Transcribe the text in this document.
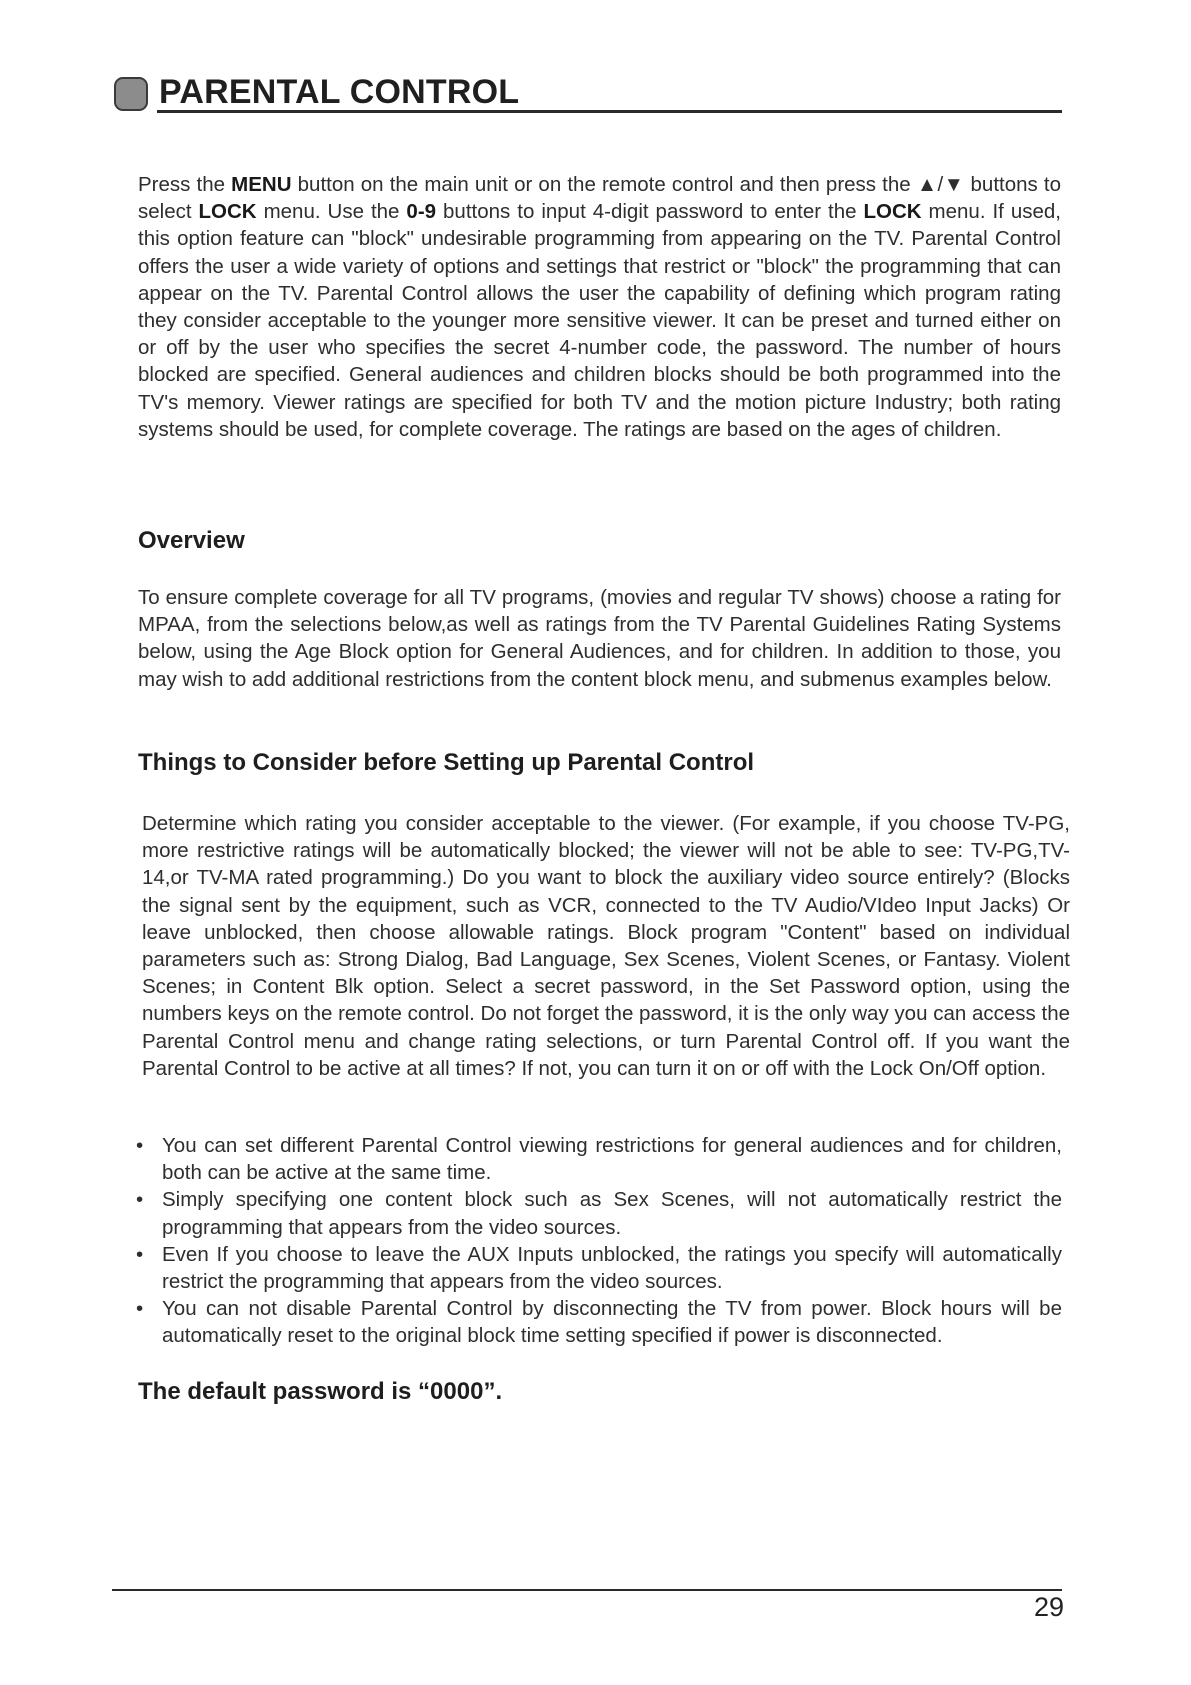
PARENTAL CONTROL

Press the MENU button on the main unit or on the remote control and then press the ▲/▼ buttons to select LOCK menu. Use the 0-9 buttons to input 4-digit password to enter the LOCK menu. If used, this option feature can "block" undesirable programming from appearing on the TV. Parental Control offers the user a wide variety of options and settings that restrict or "block" the programming that can appear on the TV. Parental Control allows the user the capability of defining which program rating they consider acceptable to the younger more sensitive viewer. It can be preset and turned either on or off by the user who specifies the secret 4-number code, the password. The number of hours blocked are specified. General audiences and children blocks should be both programmed into the TV's memory. Viewer ratings are specified for both TV and the motion picture Industry; both rating systems should be used, for complete coverage. The ratings are based on the ages of children.

Overview

To ensure complete coverage for all TV programs, (movies and regular TV shows) choose a rating for MPAA, from the selections below,as well as ratings from the TV Parental Guidelines Rating Systems below, using the Age Block option for General Audiences, and for children. In addition to those, you may wish to add additional restrictions from the content block menu, and submenus examples below.

Things to Consider before Setting up Parental Control

Determine which rating you consider acceptable to the viewer. (For example, if you choose TV-PG, more restrictive ratings will be automatically blocked; the viewer will not be able to see: TV-PG,TV-14,or TV-MA rated programming.) Do you want to block the auxiliary video source entirely? (Blocks the signal sent by the equipment, such as VCR, connected to the TV Audio/VIdeo Input Jacks) Or leave unblocked, then choose allowable ratings. Block program "Content" based on individual parameters such as: Strong Dialog, Bad Language, Sex Scenes, Violent Scenes, or Fantasy. Violent Scenes; in Content Blk option. Select a secret password, in the Set Password option, using the numbers keys on the remote control. Do not forget the password, it is the only way you can access the Parental Control menu and change rating selections, or turn Parental Control off. If you want the Parental Control to be active at all times? If not, you can turn it on or off with the Lock On/Off option.

• You can set different Parental Control viewing restrictions for general audiences and for children, both can be active at the same time.
• Simply specifying one content block such as Sex Scenes, will not automatically restrict the programming that appears from the video sources.
• Even If you choose to leave the AUX Inputs unblocked, the ratings you specify will automatically restrict the programming that appears from the video sources.
• You can not disable Parental Control by disconnecting the TV from power. Block hours will be automatically reset to the original block time setting specified if power is disconnected.
The default password is “0000”.

29
